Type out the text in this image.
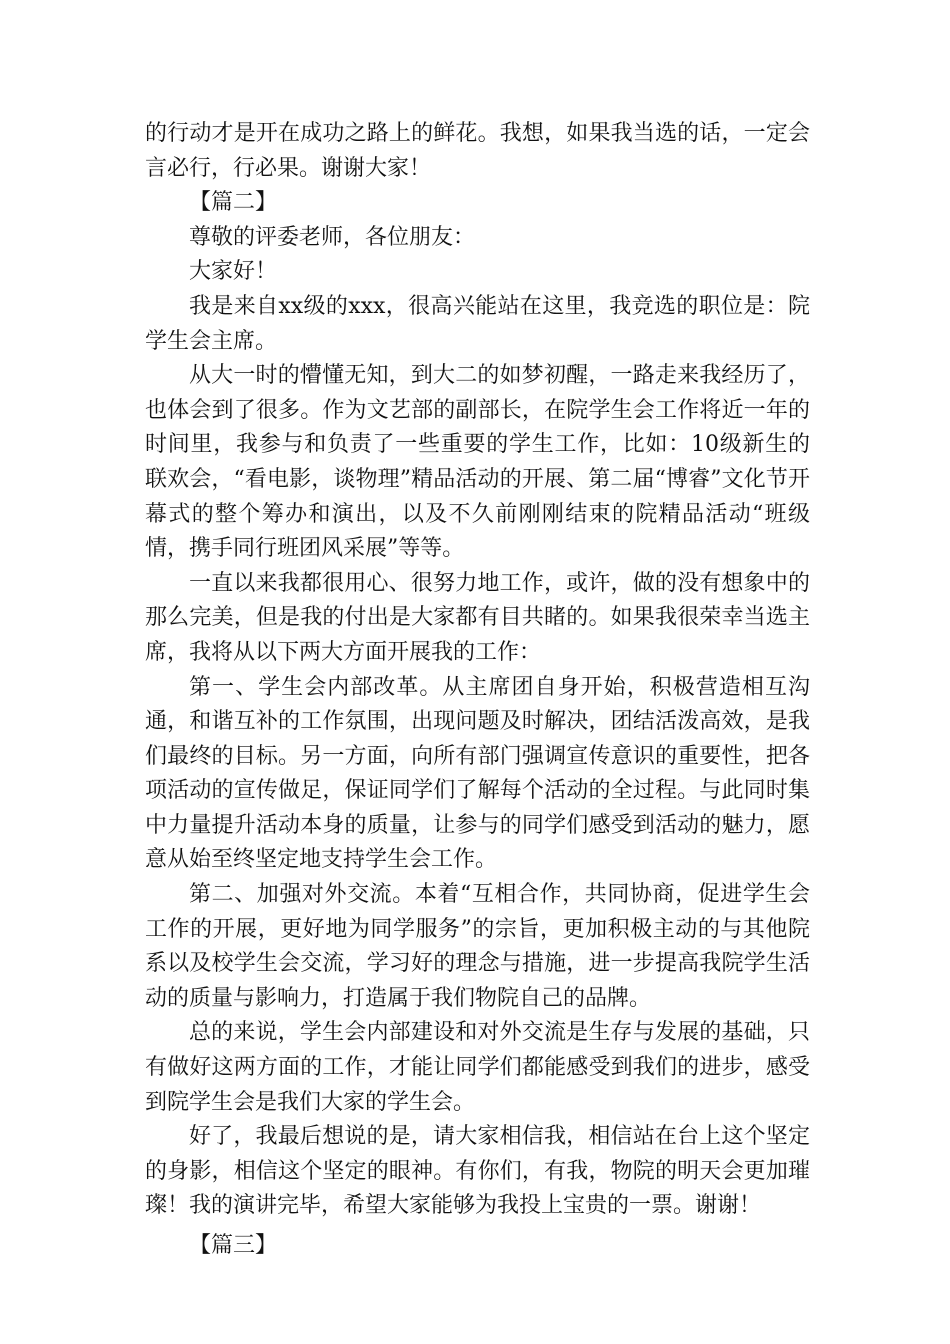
的行动才是开在成功之路上的鲜花。我想，如果我当选的话，一定会言必行，行必果。谢谢大家！

【篇二】

尊敬的评委老师，各位朋友：

大家好！

我是来自xx级的xxx，很高兴能站在这里，我竞选的职位是：院学生会主席。

从大一时的懵懂无知，到大二的如梦初醒，一路走来我经历了，也体会到了很多。作为文艺部的副部长，在院学生会工作将近一年的时间里，我参与和负责了一些重要的学生工作，比如：10级新生的联欢会，“看电影，谈物理”精品活动的开展、第二届“博睿”文化节开幕式的整个筹办和演出，以及不久前刚刚结束的院精品活动“班级情，携手同行班团风采展”等等。

一直以来我都很用心、很努力地工作，或许，做的没有想象中的那么完美，但是我的付出是大家都有目共睹的。如果我很荣幸当选主席，我将从以下两大方面开展我的工作：

第一、学生会内部改革。从主席团自身开始，积极营造相互沟通，和谐互补的工作氛围，出现问题及时解决，团结活泼高效，是我们最终的目标。另一方面，向所有部门强调宣传意识的重要性，把各项活动的宣传做足，保证同学们了解每个活动的全过程。与此同时集中力量提升活动本身的质量，让参与的同学们感受到活动的魅力，愿意从始至终坚定地支持学生会工作。

第二、加强对外交流。本着“互相合作，共同协商，促进学生会工作的开展，更好地为同学服务”的宗旨，更加积极主动的与其他院系以及校学生会交流，学习好的理念与措施，进一步提高我院学生活动的质量与影响力，打造属于我们物院自己的品牌。

总的来说，学生会内部建设和对外交流是生存与发展的基础，只有做好这两方面的工作，才能让同学们都能感受到我们的进步，感受到院学生会是我们大家的学生会。

好了，我最后想说的是，请大家相信我，相信站在台上这个坚定的身影，相信这个坚定的眼神。有你们，有我，物院的明天会更加璀璨！我的演讲完毕，希望大家能够为我投上宝贵的一票。谢谢！

【篇三】
